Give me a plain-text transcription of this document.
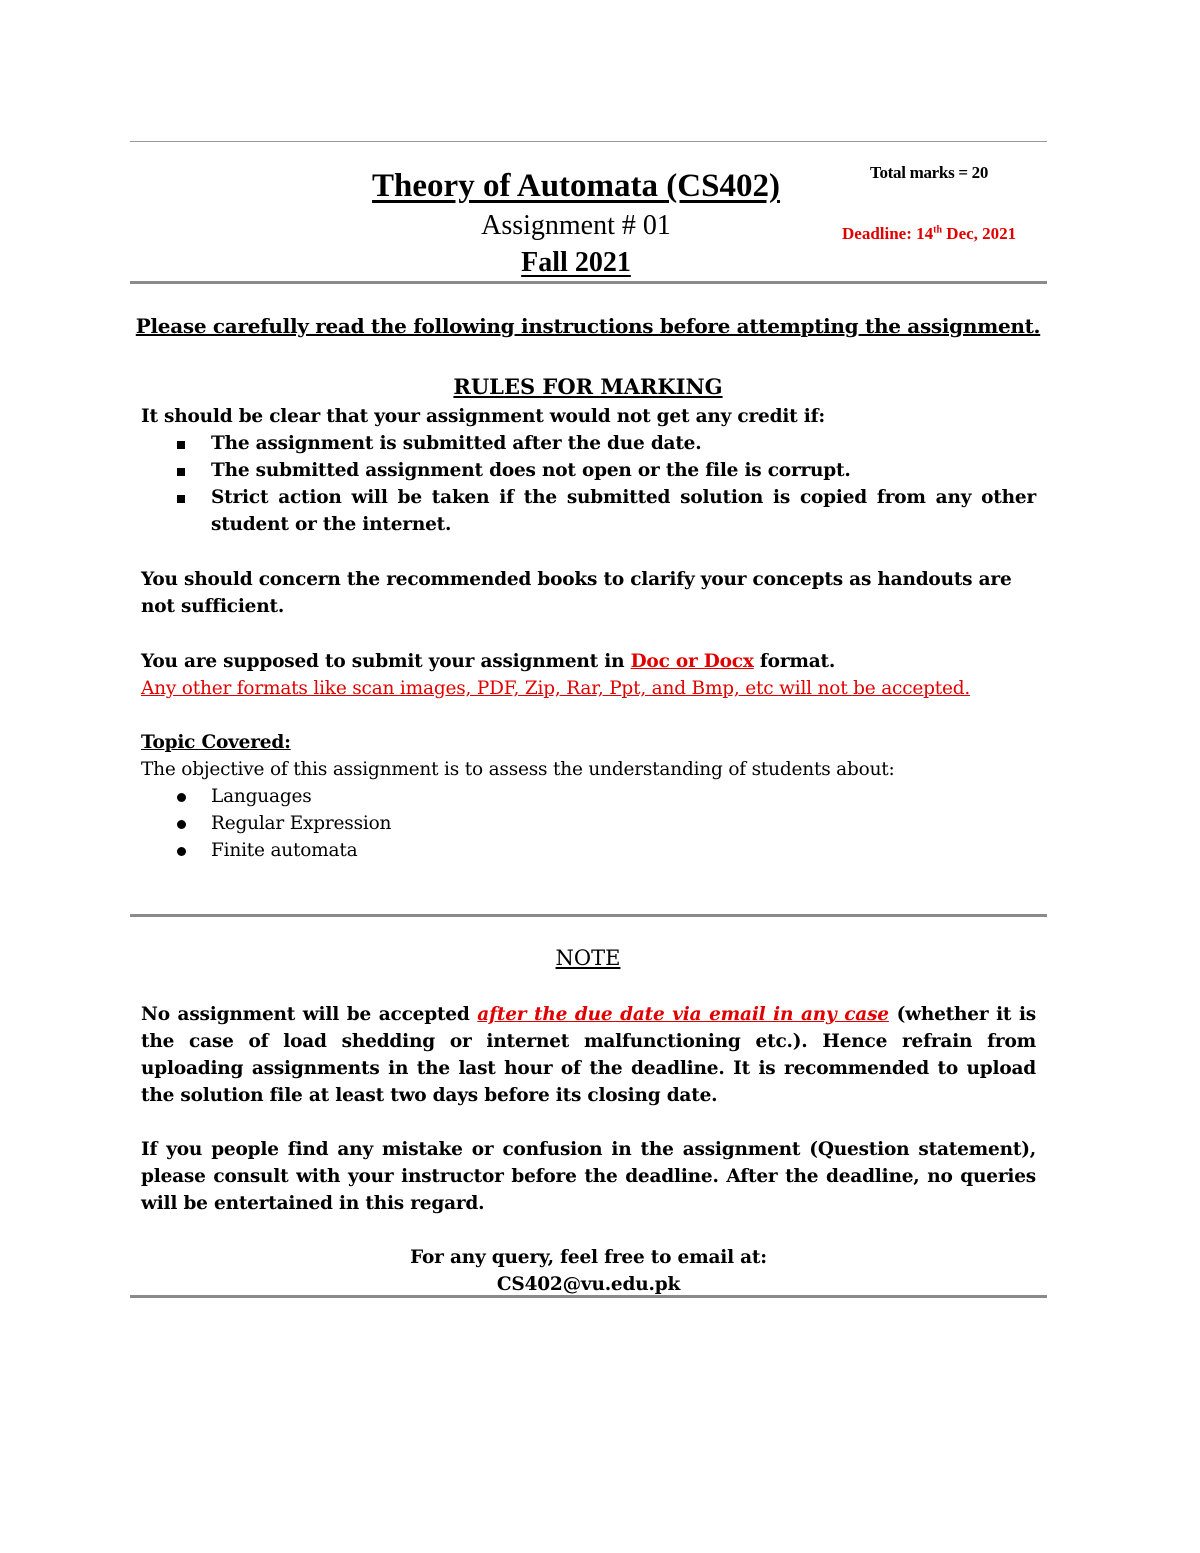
Theory of Automata (CS402)
Assignment # 01
Fall 2021
Total marks = 20
Deadline: 14th Dec, 2021
Please carefully read the following instructions before attempting the assignment.
RULES FOR MARKING
It should be clear that your assignment would not get any credit if:
The assignment is submitted after the due date.
The submitted assignment does not open or the file is corrupt.
Strict action will be taken if the submitted solution is copied from any other student or the internet.
You should concern the recommended books to clarify your concepts as handouts are not sufficient.
You are supposed to submit your assignment in Doc or Docx format.
Any other formats like scan images, PDF, Zip, Rar, Ppt, and Bmp, etc will not be accepted.
Topic Covered:
The objective of this assignment is to assess the understanding of students about:
Languages
Regular Expression
Finite automata
NOTE
No assignment will be accepted after the due date via email in any case (whether it is the case of load shedding or internet malfunctioning etc.). Hence refrain from uploading assignments in the last hour of the deadline. It is recommended to upload the solution file at least two days before its closing date.
If you people find any mistake or confusion in the assignment (Question statement), please consult with your instructor before the deadline. After the deadline, no queries will be entertained in this regard.
For any query, feel free to email at:
CS402@vu.edu.pk
